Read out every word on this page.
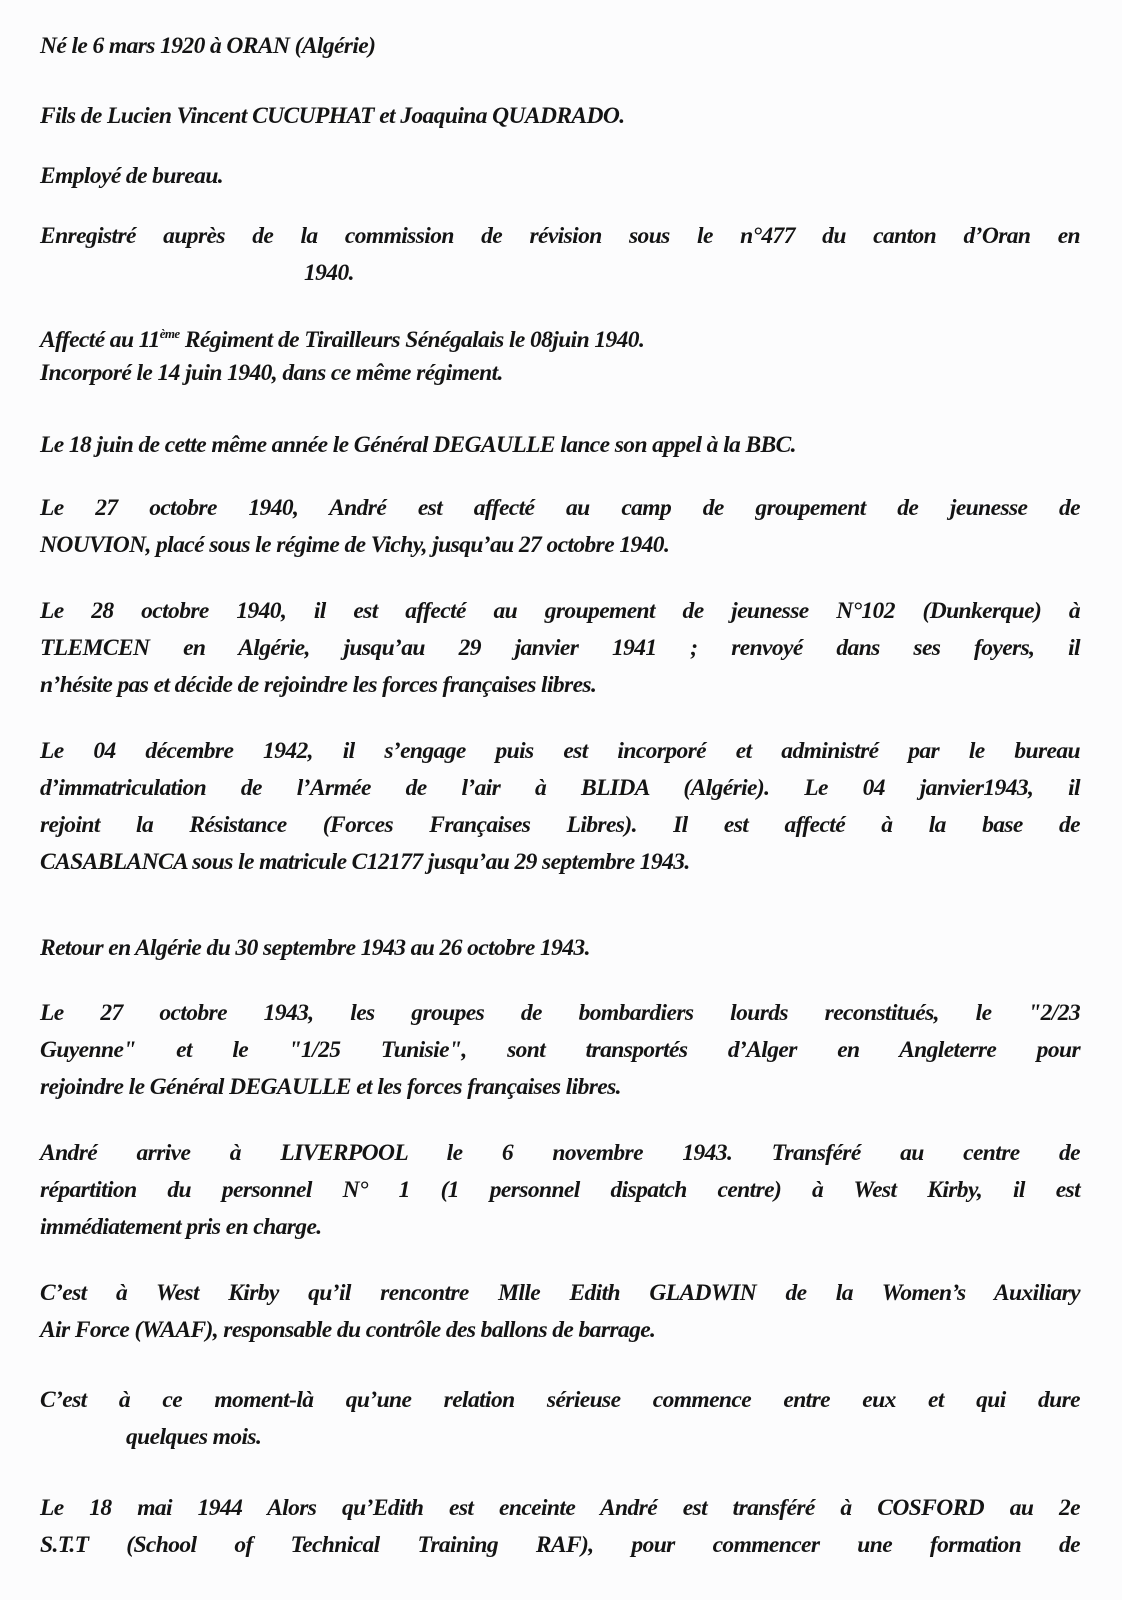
Né le 6 mars 1920 à ORAN (Algérie)
Fils de Lucien Vincent CUCUPHAT et Joaquina QUADRADO.
Employé de bureau.
Enregistré auprès de la commission de révision sous le n°477 du canton d’Oran en
1940.
Affecté au 11ème Régiment de Tirailleurs Sénégalais le 08juin 1940.
Incorporé le 14 juin 1940, dans ce même régiment.
Le 18 juin de cette même année le Général DEGAULLE lance son appel à la BBC.
Le 27 octobre 1940, André est affecté au camp de groupement de jeunesse de
NOUVION, placé sous le régime de Vichy, jusqu’au 27 octobre 1940.
Le 28 octobre 1940, il est affecté au groupement de jeunesse N°102 (Dunkerque) à
TLEMCEN en Algérie, jusqu’au 29 janvier 1941 ; renvoyé dans ses foyers, il
n’hésite pas et décide de rejoindre les forces françaises libres.
Le 04 décembre 1942, il s’engage puis est incorporé et administré par le bureau
d’immatriculation de l’Armée de l’air à BLIDA (Algérie). Le 04 janvier1943, il
rejoint la Résistance (Forces Françaises Libres). Il est affecté à la base de
CASABLANCA sous le matricule C12177 jusqu’au 29 septembre 1943.
Retour en Algérie du 30 septembre 1943 au 26 octobre 1943.
Le 27 octobre 1943, les groupes de bombardiers lourds reconstitués, le "2/23
Guyenne" et le "1/25 Tunisie", sont transportés d’Alger en Angleterre pour
rejoindre le Général DEGAULLE et les forces françaises libres.
André arrive à LIVERPOOL le 6 novembre 1943. Transféré au centre de
répartition du personnel N° 1 (1 personnel dispatch centre) à West Kirby, il est
immédiatement pris en charge.
C’est à West Kirby qu’il rencontre Mlle Edith GLADWIN de la Women’s Auxiliary
Air Force (WAAF), responsable du contrôle des ballons de barrage.
C’est à ce moment-là qu’une relation sérieuse commence entre eux et qui dure
quelques mois.
Le 18 mai 1944 Alors qu’Edith est enceinte André est transféré à COSFORD au 2e
S.T.T (School of Technical Training RAF), pour commencer une formation de
